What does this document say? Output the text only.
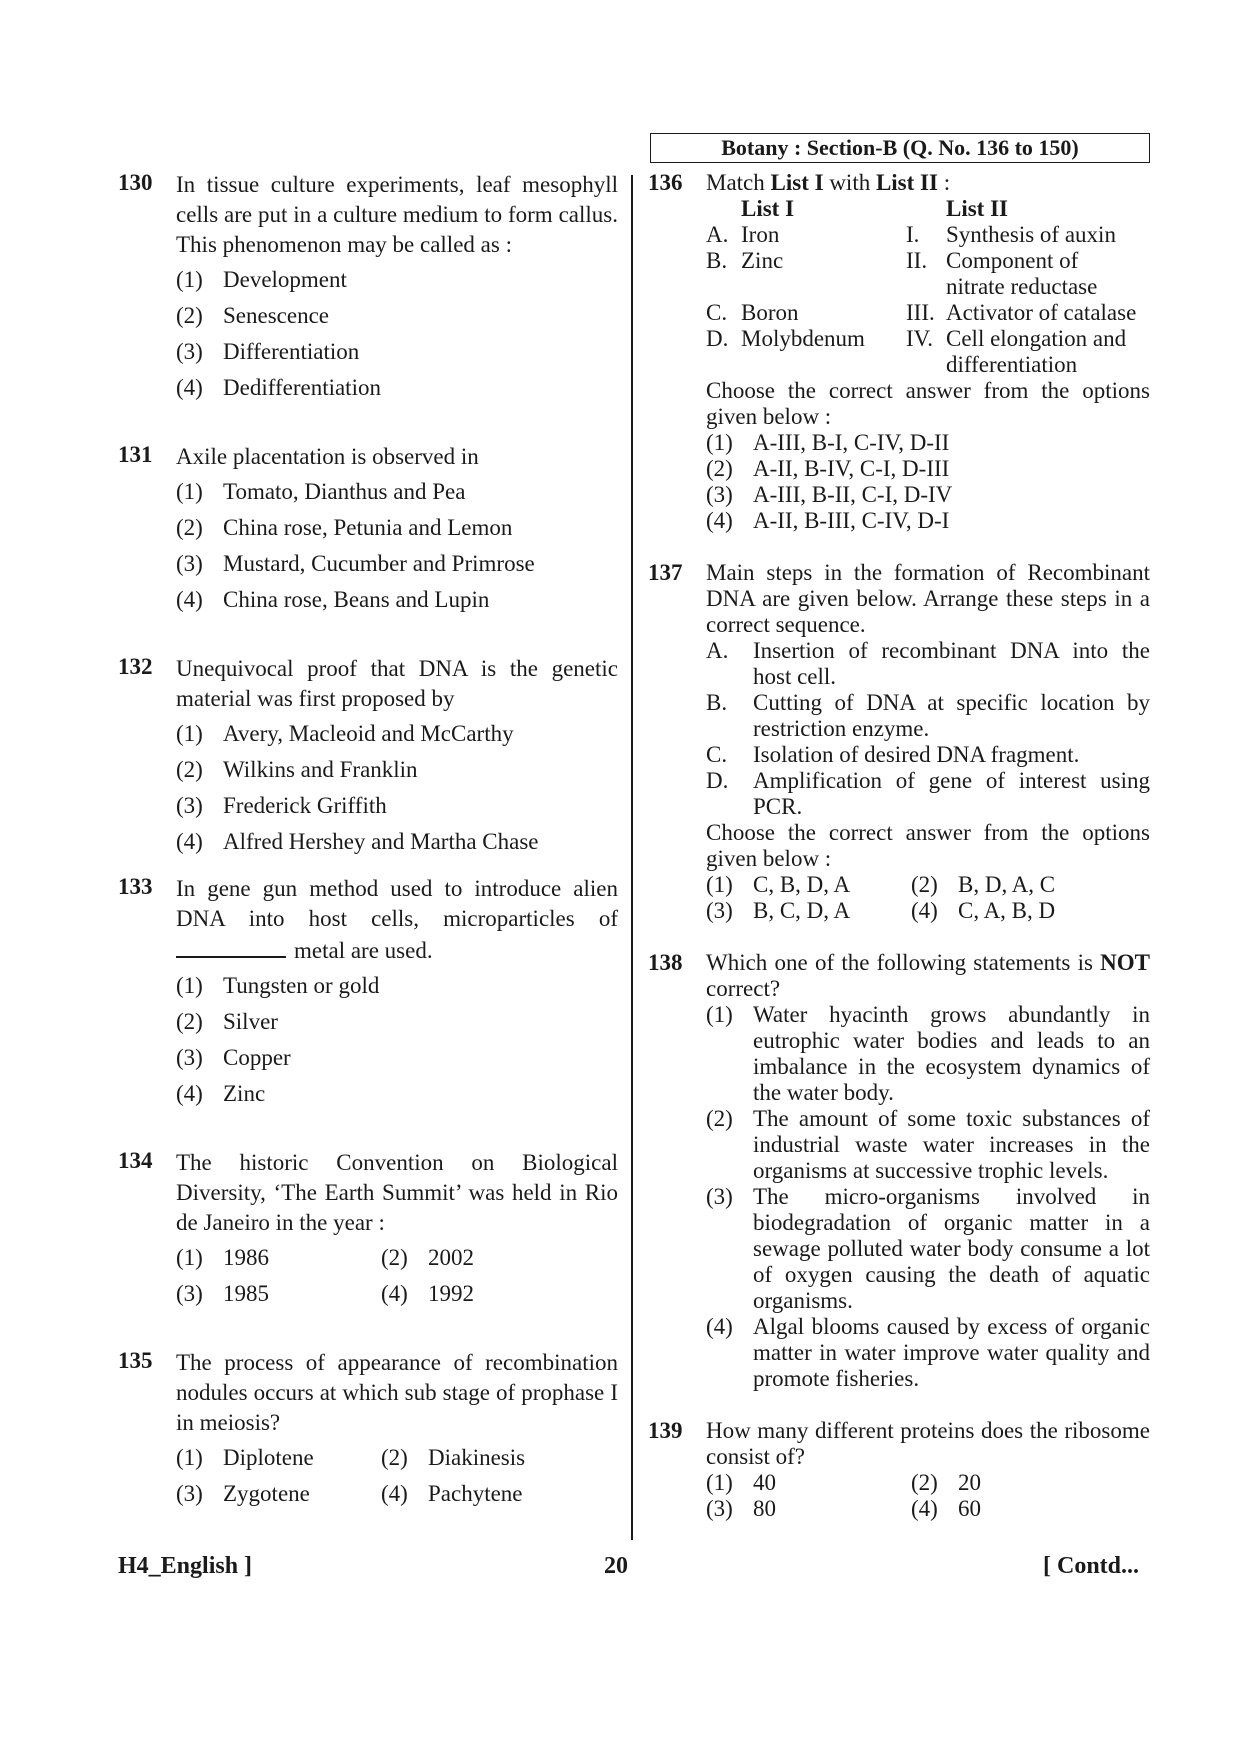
Botany : Section-B (Q. No. 136 to 150)
130 In tissue culture experiments, leaf mesophyll cells are put in a culture medium to form callus. This phenomenon may be called as :
(1) Development
(2) Senescence
(3) Differentiation
(4) Dedifferentiation
131 Axile placentation is observed in
(1) Tomato, Dianthus and Pea
(2) China rose, Petunia and Lemon
(3) Mustard, Cucumber and Primrose
(4) China rose, Beans and Lupin
132 Unequivocal proof that DNA is the genetic material was first proposed by
(1) Avery, Macleoid and McCarthy
(2) Wilkins and Franklin
(3) Frederick Griffith
(4) Alfred Hershey and Martha Chase
133 In gene gun method used to introduce alien DNA into host cells, microparticles of metal are used.
(1) Tungsten or gold
(2) Silver
(3) Copper
(4) Zinc
134 The historic Convention on Biological Diversity, ‘The Earth Summit’ was held in Rio de Janeiro in the year :
(1) 1986	(2) 2002
(3) 1985	(4) 1992
135 The process of appearance of recombination nodules occurs at which sub stage of prophase I in meiosis?
(1) Diplotene	(2) Diakinesis
(3) Zygotene	(4) Pachytene
136 Match List I with List II :
List I	List II
A. Iron	I.	Synthesis of auxin
B. Zinc	II. Component of nitrate reductase
C. Boron	III. Activator of catalase
D. Molybdenum IV. Cell elongation and differentiation
Choose the correct answer from the options given below :
(1) A-III, B-I, C-IV, D-II
(2) A-II, B-IV, C-I, D-III
(3) A-III, B-II, C-I, D-IV
(4) A-II, B-III, C-IV, D-I
137 Main steps in the formation of Recombinant DNA are given below. Arrange these steps in a correct sequence.
A.	Insertion of recombinant DNA into the host cell.
B.	Cutting of DNA at specific location by restriction enzyme.
C.	Isolation of desired DNA fragment.
D.	Amplification of gene of interest using PCR.
Choose the correct answer from the options given below :
(1) C, B, D, A	(2) B, D, A, C
(3) B, C, D, A	(4) C, A, B, D
138 Which one of the following statements is NOT correct?
(1) Water hyacinth grows abundantly in eutrophic water bodies and leads to an imbalance in the ecosystem dynamics of the water body.
(2) The amount of some toxic substances of industrial waste water increases in the organisms at successive trophic levels.
(3) The micro-organisms involved in biodegradation of organic matter in a sewage polluted water body consume a lot of oxygen causing the death of aquatic organisms.
(4) Algal blooms caused by excess of organic matter in water improve water quality and promote fisheries.
139 How many different proteins does the ribosome consist of?
(1) 40	(2) 20
(3) 80	(4) 60
H4_English ]	20	[ Contd...
